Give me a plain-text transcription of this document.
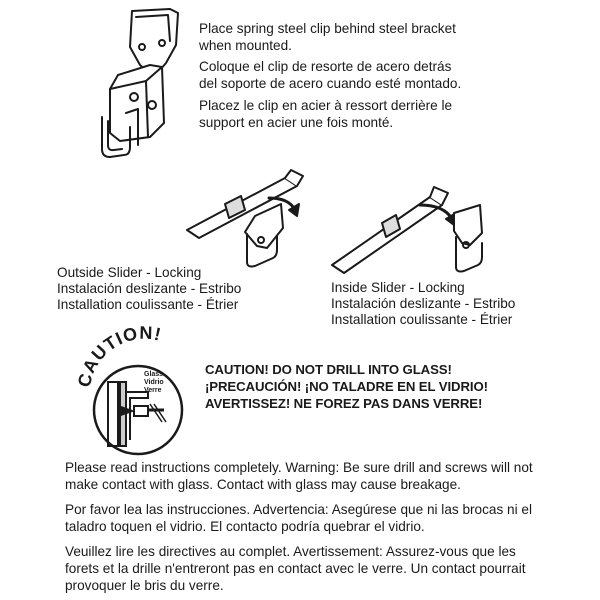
Place spring steel clip behind steel bracket
when mounted.
Coloque el clip de resorte de acero detrás
del soporte de acero cuando esté montado.
Placez le clip en acier à ressort derrière le
support en acier une fois monté.
Outside Slider - Locking
Instalación deslizante - Estribo
Installation coulissante - Étrier
Inside Slider - Locking
Instalación deslizante - Estribo
Installation coulissante - Étrier
CAUTION!
Glass
Vidrio
Verre
CAUTION! DO NOT DRILL INTO GLASS!
¡PRECAUCIÓN! ¡NO TALADRE EN EL VIDRIO!
AVERTISSEZ! NE FOREZ PAS DANS VERRE!
Please read instructions completely. Warning: Be sure drill and screws will not
make contact with glass. Contact with glass may cause breakage.
Por favor lea las instrucciones. Advertencia: Asegúrese que ni las brocas ni el
taladro toquen el vidrio. El contacto podría quebrar el vidrio.
Veuillez lire les directives au complet. Avertissement: Assurez-vous que les
forets et la drille n'entreront pas en contact avec le verre. Un contact pourrait
provoquer le bris du verre.
